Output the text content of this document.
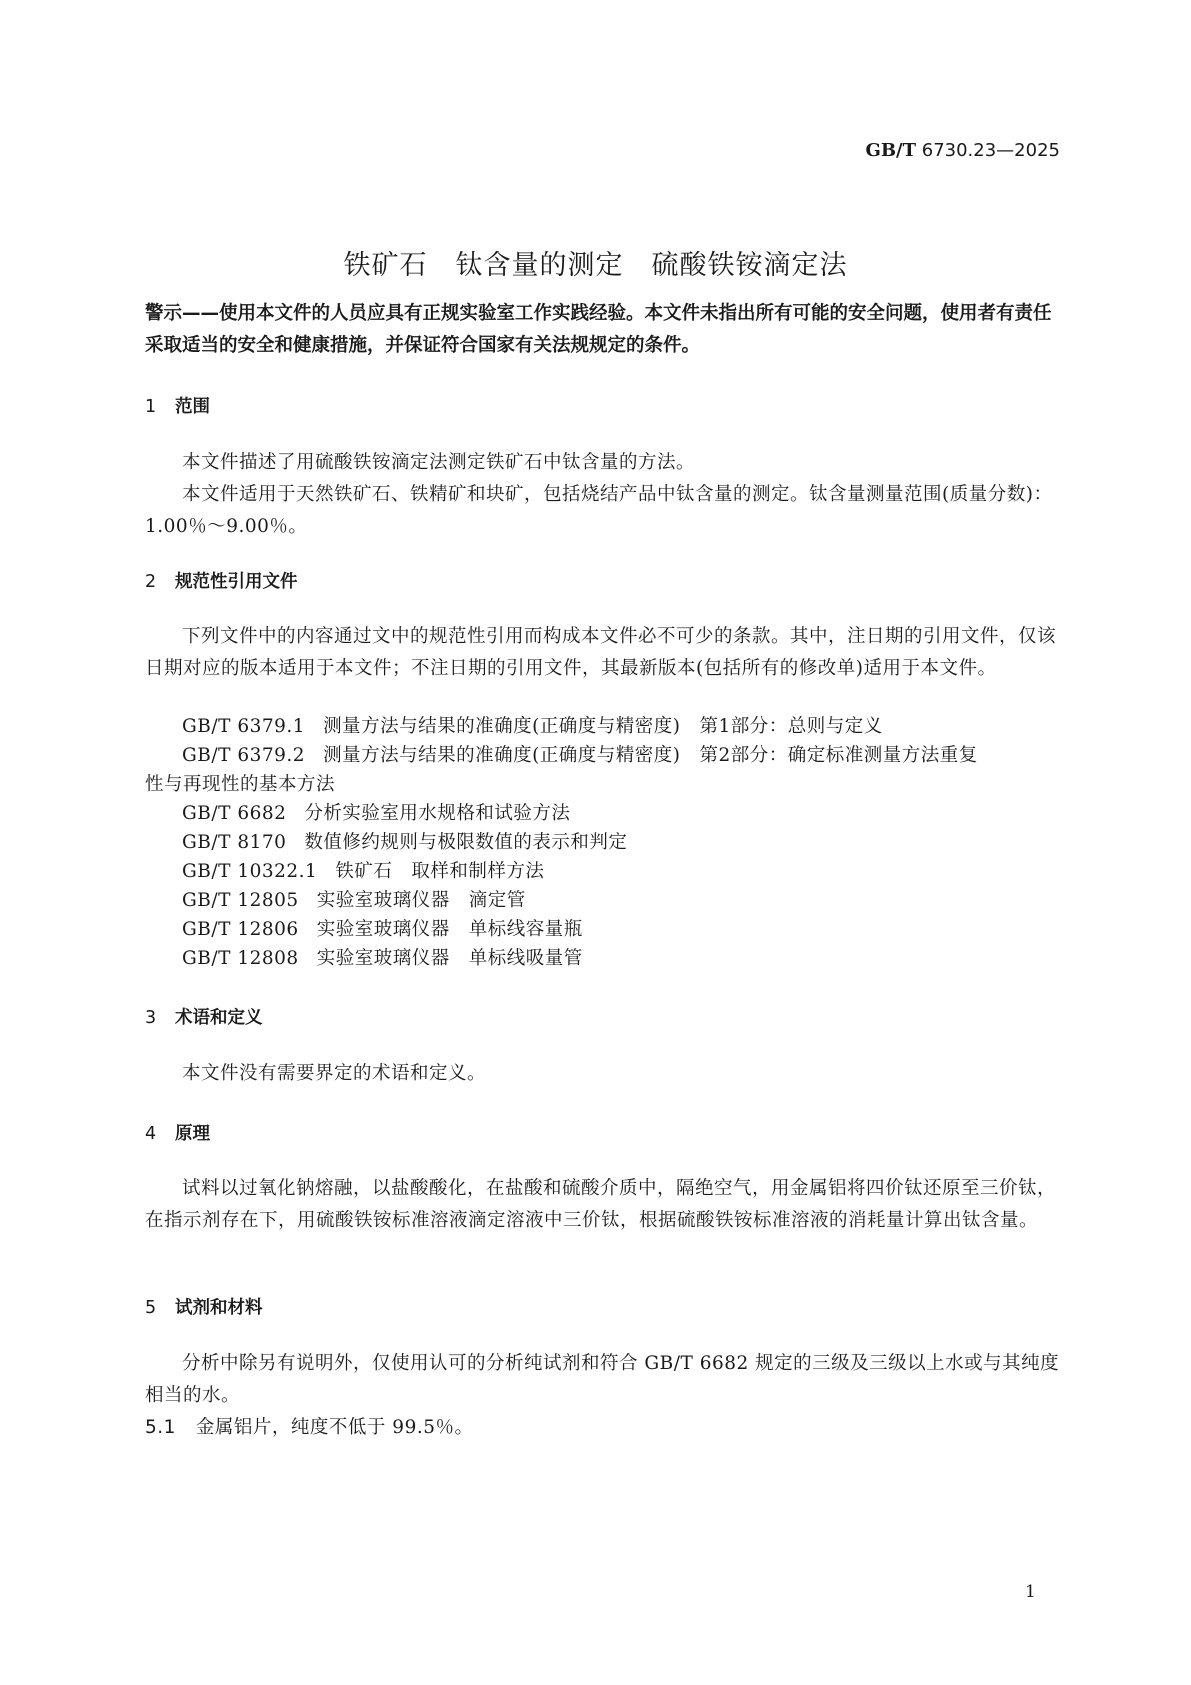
GB/T 6730.23—2025
铁矿石　钛含量的测定　硫酸铁铵滴定法
警示——使用本文件的人员应具有正规实验室工作实践经验。本文件未指出所有可能的安全问题，使用者有责任采取适当的安全和健康措施，并保证符合国家有关法规规定的条件。
1 范围
本文件描述了用硫酸铁铵滴定法测定铁矿石中钛含量的方法。
本文件适用于天然铁矿石、铁精矿和块矿，包括烧结产品中钛含量的测定。钛含量测量范围(质量分数)：1.00％～9.00％。
2 规范性引用文件
下列文件中的内容通过文中的规范性引用而构成本文件必不可少的条款。其中，注日期的引用文件，仅该日期对应的版本适用于本文件；不注日期的引用文件，其最新版本(包括所有的修改单)适用于本文件。
GB/T 6379.1 测量方法与结果的准确度(正确度与精密度)　第1部分：总则与定义
GB/T 6379.2 测量方法与结果的准确度(正确度与精密度)　第2部分：确定标准测量方法重复
性与再现性的基本方法
GB/T 6682 分析实验室用水规格和试验方法
GB/T 8170 数值修约规则与极限数值的表示和判定
GB/T 10322.1 铁矿石　取样和制样方法
GB/T 12805 实验室玻璃仪器　滴定管
GB/T 12806 实验室玻璃仪器　单标线容量瓶
GB/T 12808 实验室玻璃仪器　单标线吸量管
3 术语和定义
本文件没有需要界定的术语和定义。
4 原理
试料以过氧化钠熔融，以盐酸酸化，在盐酸和硫酸介质中，隔绝空气，用金属铝将四价钛还原至三价钛，在指示剂存在下，用硫酸铁铵标准溶液滴定溶液中三价钛，根据硫酸铁铵标准溶液的消耗量计算出钛含量。
5 试剂和材料
分析中除另有说明外，仅使用认可的分析纯试剂和符合 GB/T 6682 规定的三级及三级以上水或与其纯度相当的水。
5.1 金属铝片，纯度不低于 99.5％。
1
